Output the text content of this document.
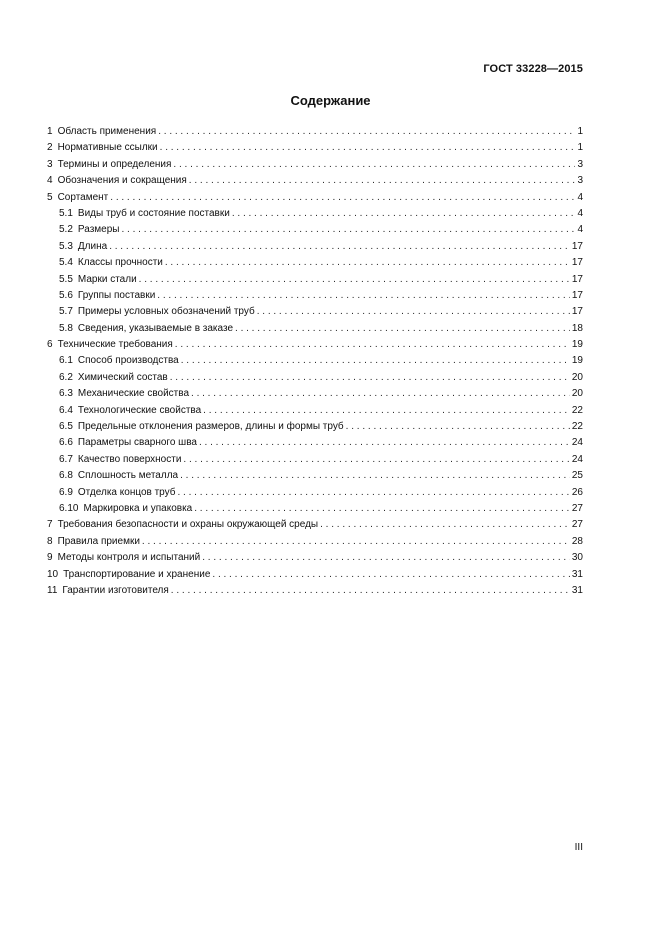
ГОСТ 33228—2015
Содержание
1 Область применения . . .	1
2 Нормативные ссылки . . .	1
3 Термины и определения . . .	3
4 Обозначения и сокращения . . .	3
5 Сортамент . . .	4
5.1 Виды труб и состояние поставки . . .	4
5.2 Размеры . . .	4
5.3 Длина . . .	17
5.4 Классы прочности . . .	17
5.5 Марки стали . . .	17
5.6 Группы поставки . . .	17
5.7 Примеры условных обозначений труб . . .	17
5.8 Сведения, указываемые в заказе . . .	18
6 Технические требования . . .	19
6.1 Способ производства . . .	19
6.2 Химический состав . . .	20
6.3 Механические свойства . . .	20
6.4 Технологические свойства . . .	22
6.5 Предельные отклонения размеров, длины и формы труб . . .	22
6.6 Параметры сварного шва . . .	24
6.7 Качество поверхности . . .	24
6.8 Сплошность металла . . .	25
6.9 Отделка концов труб . . .	26
6.10 Маркировка и упаковка . . .	27
7 Требования безопасности и охраны окружающей среды . . .	27
8 Правила приемки . . .	28
9 Методы контроля и испытаний . . .	30
10 Транспортирование и хранение . . .	31
11 Гарантии изготовителя . . .	31
III
